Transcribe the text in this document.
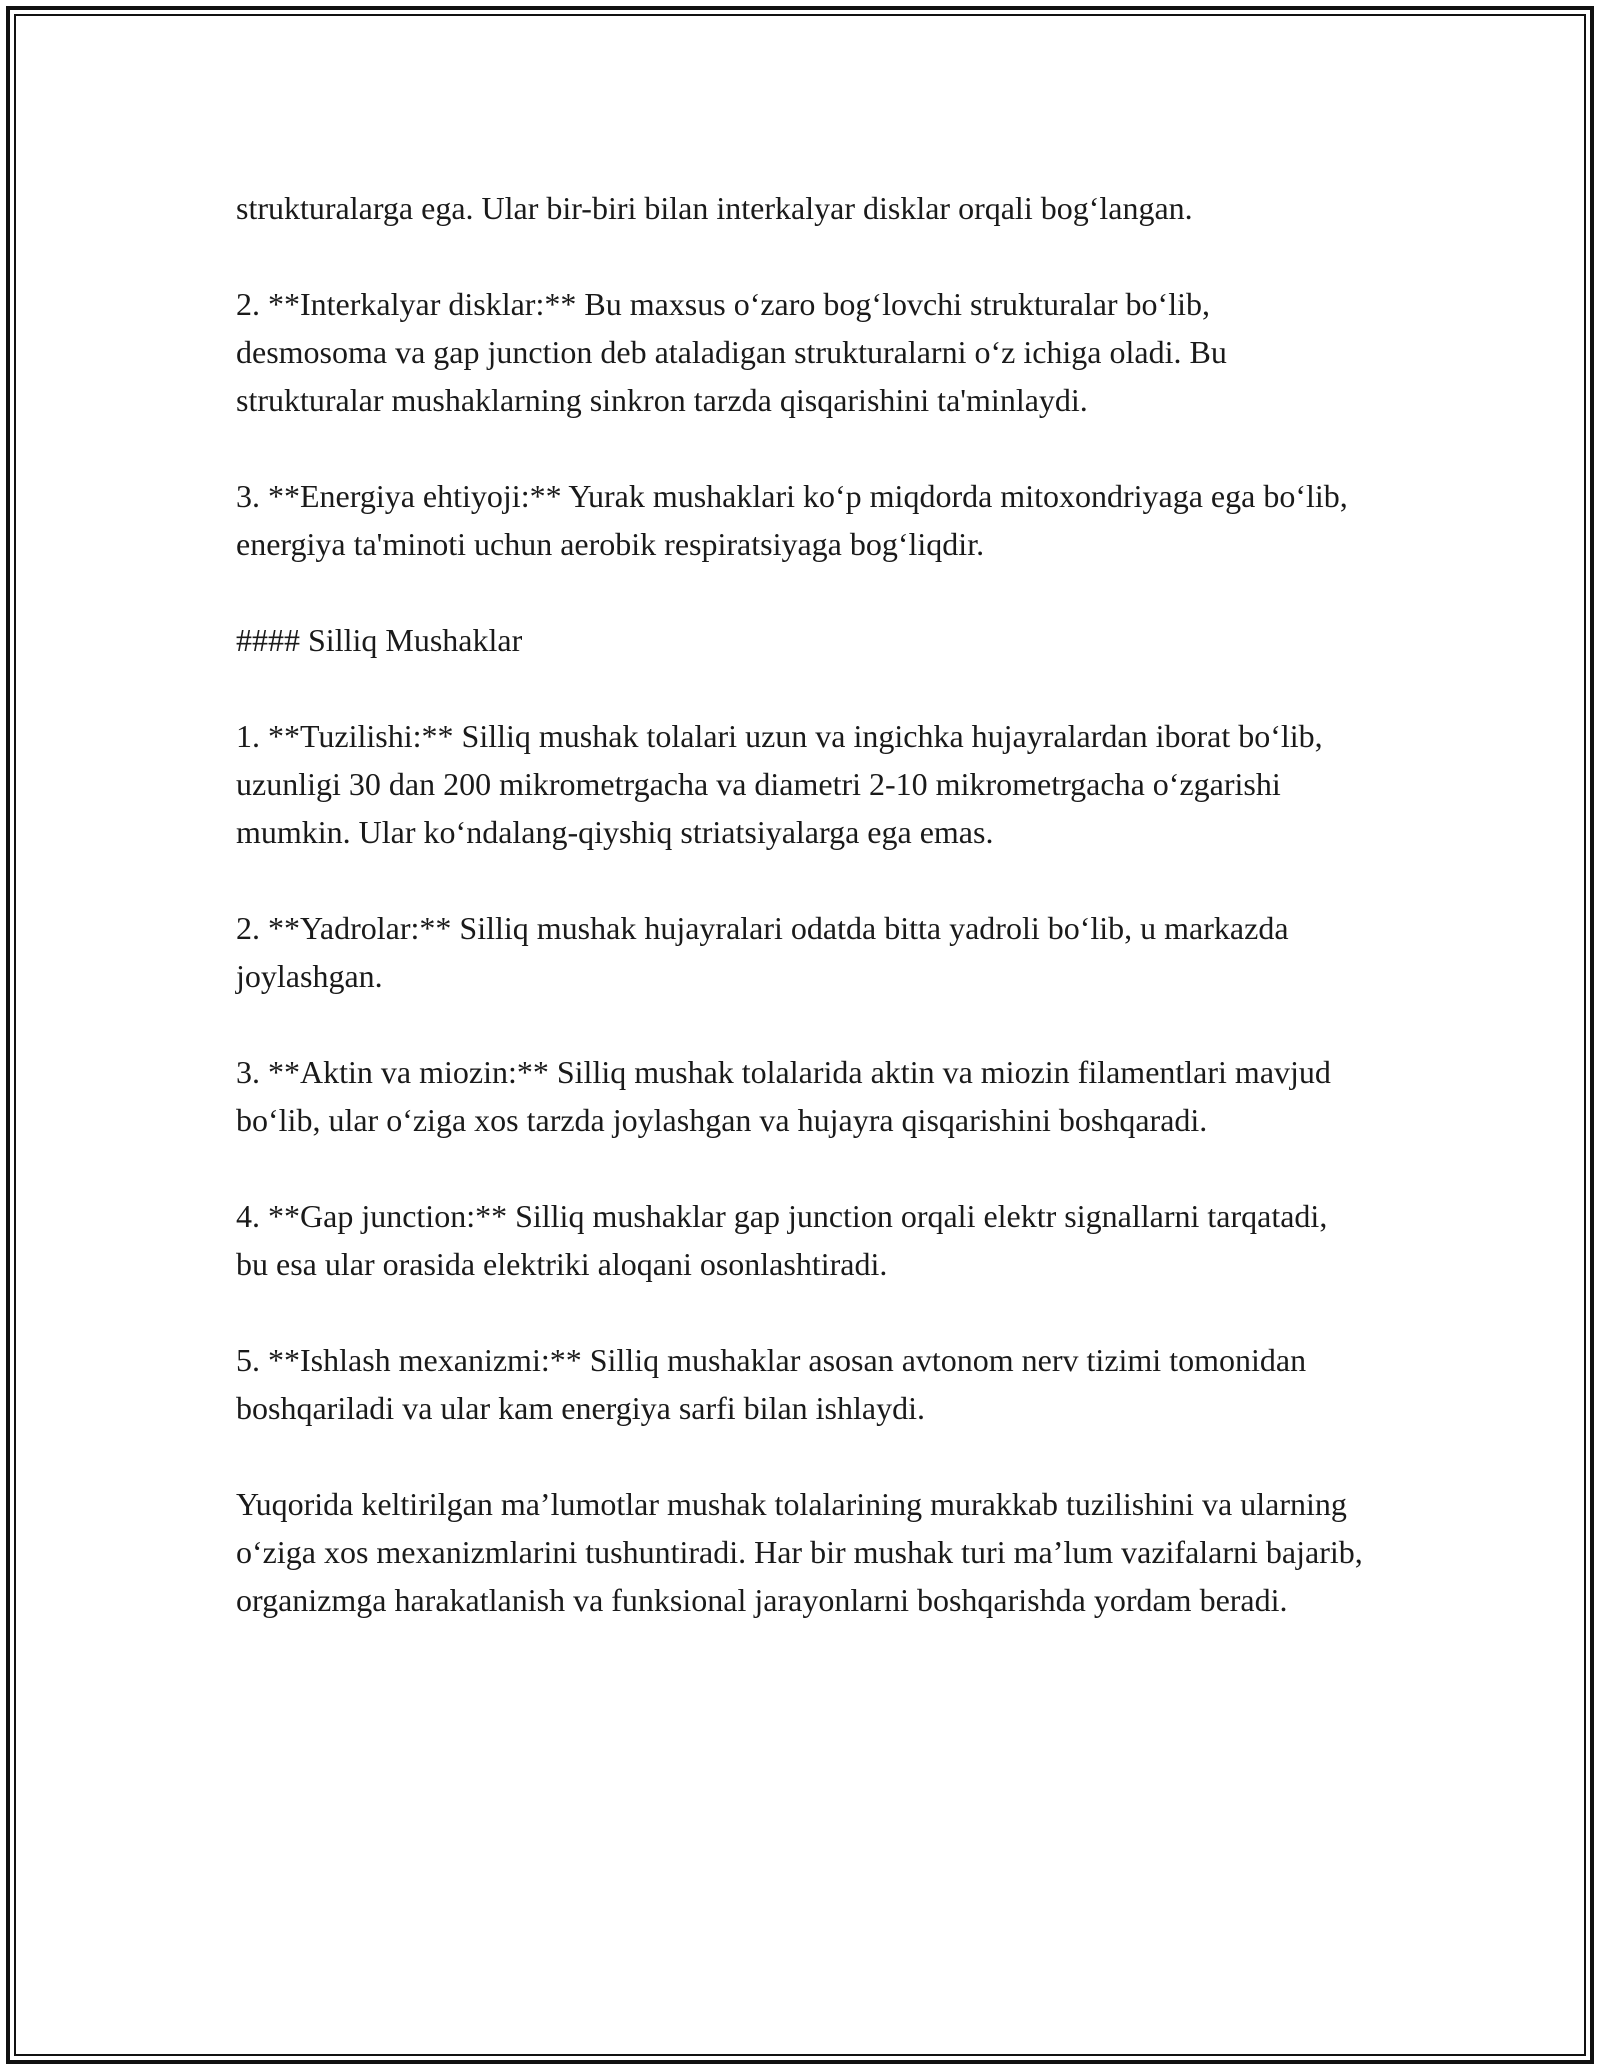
strukturalarga ega. Ular bir-biri bilan interkalyar disklar orqali bog‘langan.

2. **Interkalyar disklar:** Bu maxsus o‘zaro bog‘lovchi strukturalar bo‘lib, desmosoma va gap junction deb ataladigan strukturalarni o‘z ichiga oladi. Bu strukturalar mushaklarning sinkron tarzda qisqarishini ta'minlaydi.

3. **Energiya ehtiyoji:** Yurak mushaklari ko‘p miqdorda mitoxondriyaga ega bo‘lib, energiya ta'minoti uchun aerobik respiratsiyaga bog‘liqdir.

#### Silliq Mushaklar

1. **Tuzilishi:** Silliq mushak tolalari uzun va ingichka hujayralardan iborat bo‘lib, uzunligi 30 dan 200 mikrometrgacha va diametri 2-10 mikrometrgacha o‘zgarishi mumkin. Ular ko‘ndalang-qiyshiq striatsiyalarga ega emas.

2. **Yadrolar:** Silliq mushak hujayralari odatda bitta yadroli bo‘lib, u markazda joylashgan.

3. **Aktin va miozin:** Silliq mushak tolalarida aktin va miozin filamentlari mavjud bo‘lib, ular o‘ziga xos tarzda joylashgan va hujayra qisqarishini boshqaradi.

4. **Gap junction:** Silliq mushaklar gap junction orqali elektr signallarni tarqatadi, bu esa ular orasida elektriki aloqani osonlashtiradi.

5. **Ishlash mexanizmi:** Silliq mushaklar asosan avtonom nerv tizimi tomonidan boshqariladi va ular kam energiya sarfi bilan ishlaydi.

Yuqorida keltirilgan ma’lumotlar mushak tolalarining murakkab tuzilishini va ularning o‘ziga xos mexanizmlarini tushuntiradi. Har bir mushak turi ma’lum vazifalarni bajarib, organizmga harakatlanish va funksional jarayonlarni boshqarishda yordam beradi.
